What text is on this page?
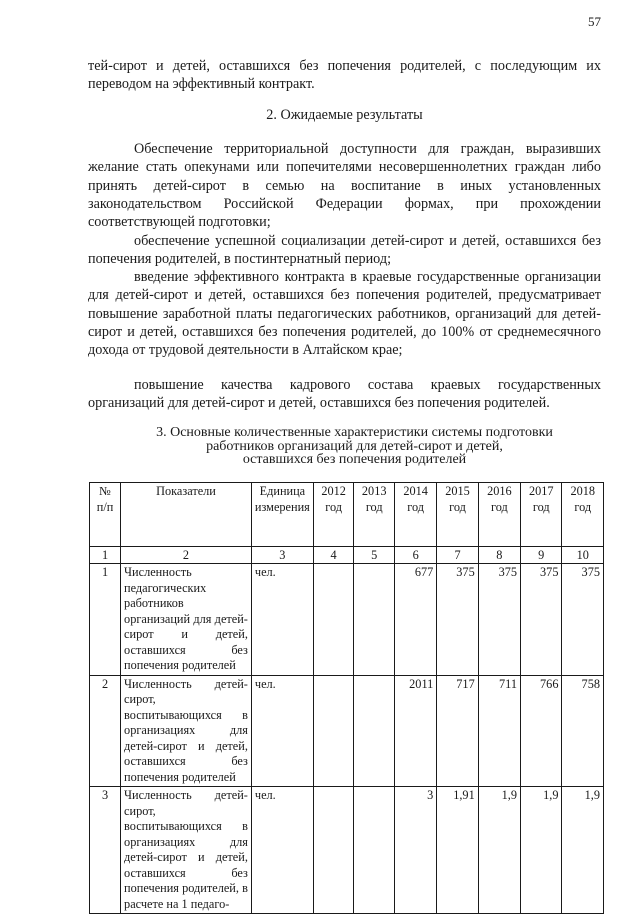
57

тей-сирот и детей, оставшихся без попечения родителей, с последующим их переводом на эффективный контракт.

2. Ожидаемые результаты

Обеспечение территориальной доступности для граждан, выразивших желание стать опекунами или попечителями несовершеннолетних граждан либо принять детей-сирот в семью на воспитание в иных установленных законодательством Российской Федерации формах, при прохождении соответствующей подготовки;

обеспечение успешной социализации детей-сирот и детей, оставшихся без попечения родителей, в постинтернатный период;

введение эффективного контракта в краевые государственные организации для детей-сирот и детей, оставшихся без попечения родителей, предусматривает повышение заработной платы педагогических работников, организаций для детей-сирот и детей, оставшихся без попечения родителей, до 100% от среднемесячного дохода от трудовой деятельности в Алтайском крае;

повышение качества кадрового состава краевых государственных организаций для детей-сирот и детей, оставшихся без попечения родителей.

3. Основные количественные характеристики системы подготовки
работников организаций для детей-сирот и детей,
оставшихся без попечения родителей
№ п/п	Показатели	Единица измерения	2012 год	2013 год	2014 год	2015 год	2016 год	2017 год	2018 год
1	2	3	4	5	6	7	8	9	10
1	Численность педагогических работников организаций для детей-сирот и детей, оставшихся без попечения родителей	чел.			677	375	375	375	375
2	Численность детей-сирот, воспитывающихся в организациях для детей-сирот и детей, оставшихся без попечения родителей	чел.			2011	717	711	766	758
3	Численность детей-сирот, воспитывающихся в организациях для детей-сирот и детей, оставшихся без попечения родителей, в расчете на 1 педаго-	чел.			3	1,91	1,9	1,9	1,9
